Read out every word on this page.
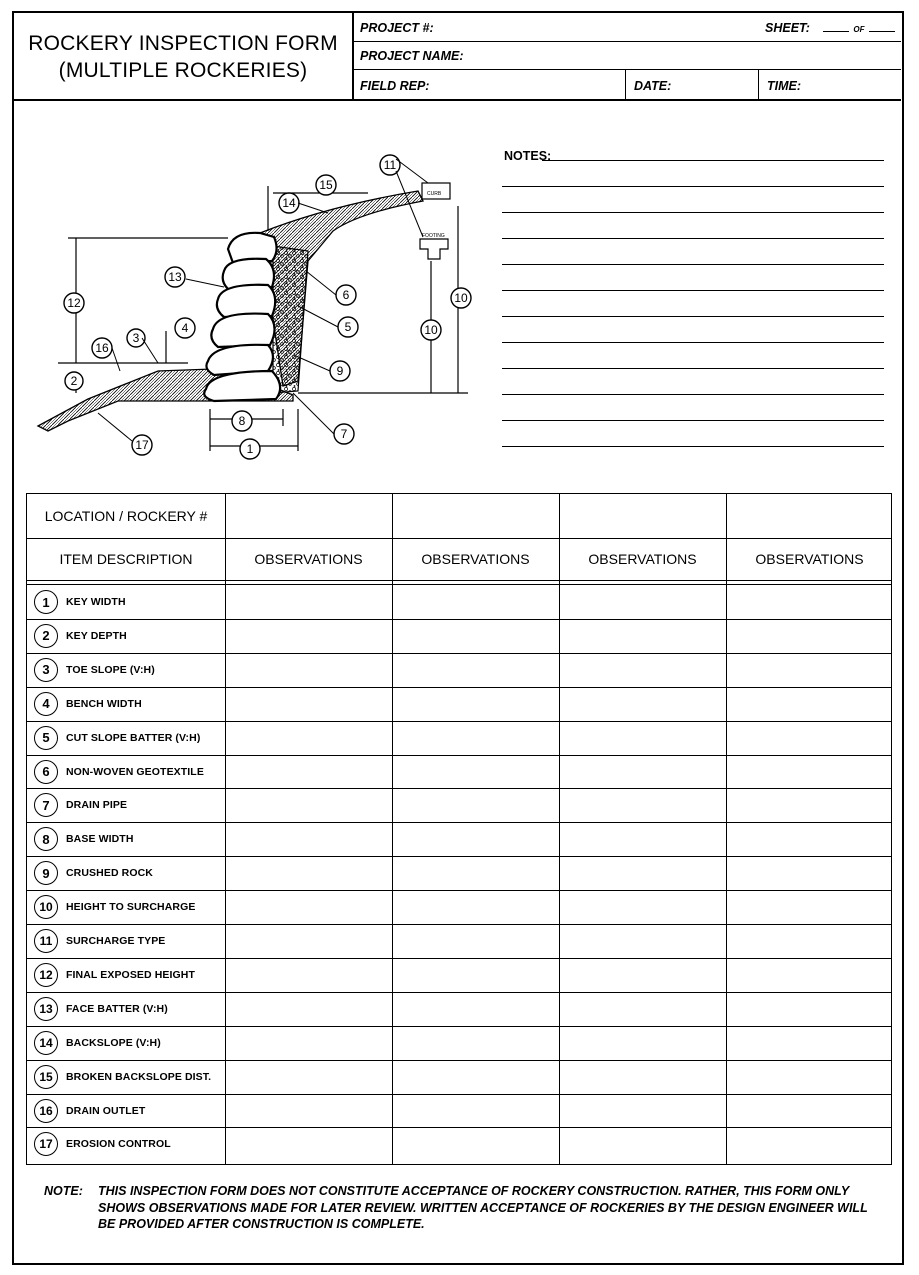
ROCKERY INSPECTION FORM
(MULTIPLE ROCKERIES)
PROJECT #:	SHEET:	OF
PROJECT NAME:
FIELD REP:	DATE:	TIME:
CURB
FOOTING
1
2
3
4	5
6
7
8
9
10
10
11
12
13
14
15
16
17
NOTES:
LOCATION / ROCKERY #
ITEM DESCRIPTION	OBSERVATIONS	OBSERVATIONS	OBSERVATIONS	OBSERVATIONS
1	KEY WIDTH
2	KEY DEPTH
3	TOE SLOPE (V:H)
4	BENCH WIDTH
5	CUT SLOPE BATTER (V:H)
6	NON-WOVEN GEOTEXTILE
7	DRAIN PIPE
8	BASE WIDTH
9	CRUSHED ROCK
10	HEIGHT TO SURCHARGE
11	SURCHARGE TYPE
12	FINAL EXPOSED HEIGHT
13	FACE BATTER (V:H)
14	BACKSLOPE (V:H)
15	BROKEN BACKSLOPE DIST.
16	DRAIN OUTLET
17	EROSION CONTROL
NOTE: THIS INSPECTION FORM DOES NOT CONSTITUTE ACCEPTANCE OF ROCKERY CONSTRUCTION. RATHER, THIS FORM ONLY SHOWS OBSERVATIONS MADE FOR LATER REVIEW. WRITTEN ACCEPTANCE OF ROCKERIES BY THE DESIGN ENGINEER WILL BE PROVIDED AFTER CONSTRUCTION IS COMPLETE.
